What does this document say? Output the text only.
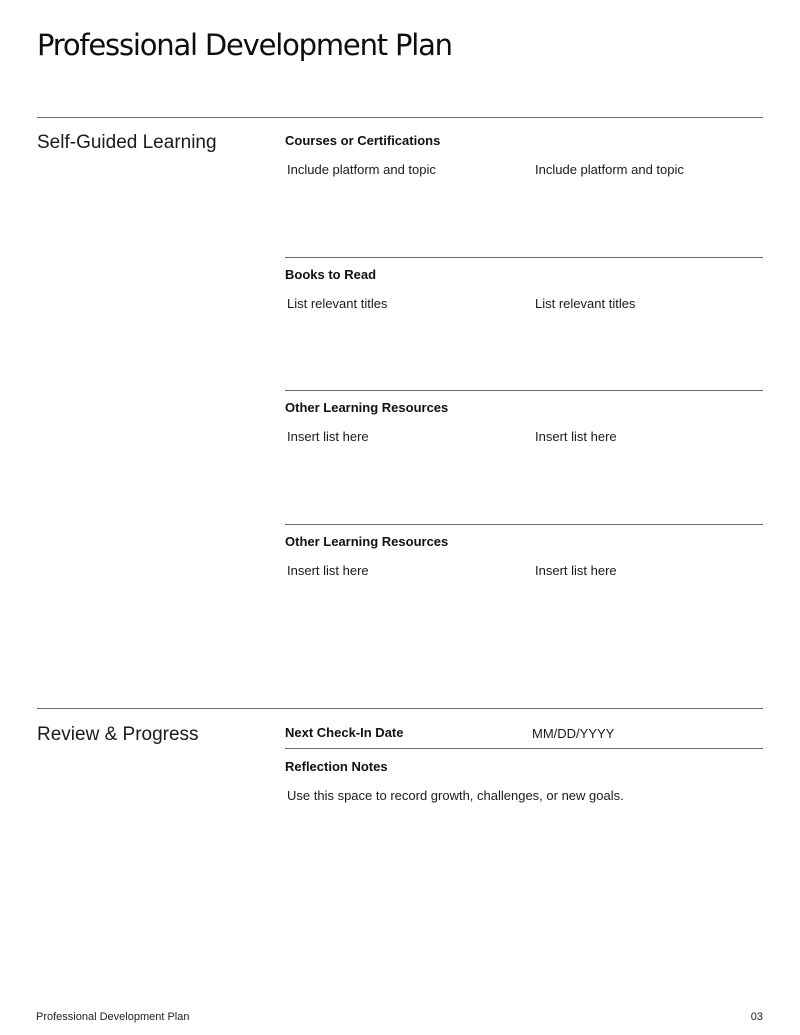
Professional Development Plan
Self-Guided Learning	Courses or Certifications
Include platform and topic	Include platform and topic
Books to Read
List relevant titles	List relevant titles
Other Learning Resources
Insert list here	Insert list here
Other Learning Resources
Insert list here	Insert list here
Review & Progress	Next Check-In Date	MM/DD/YYYY
Reflection Notes
Use this space to record growth, challenges, or new goals.
Professional Development Plan	03
